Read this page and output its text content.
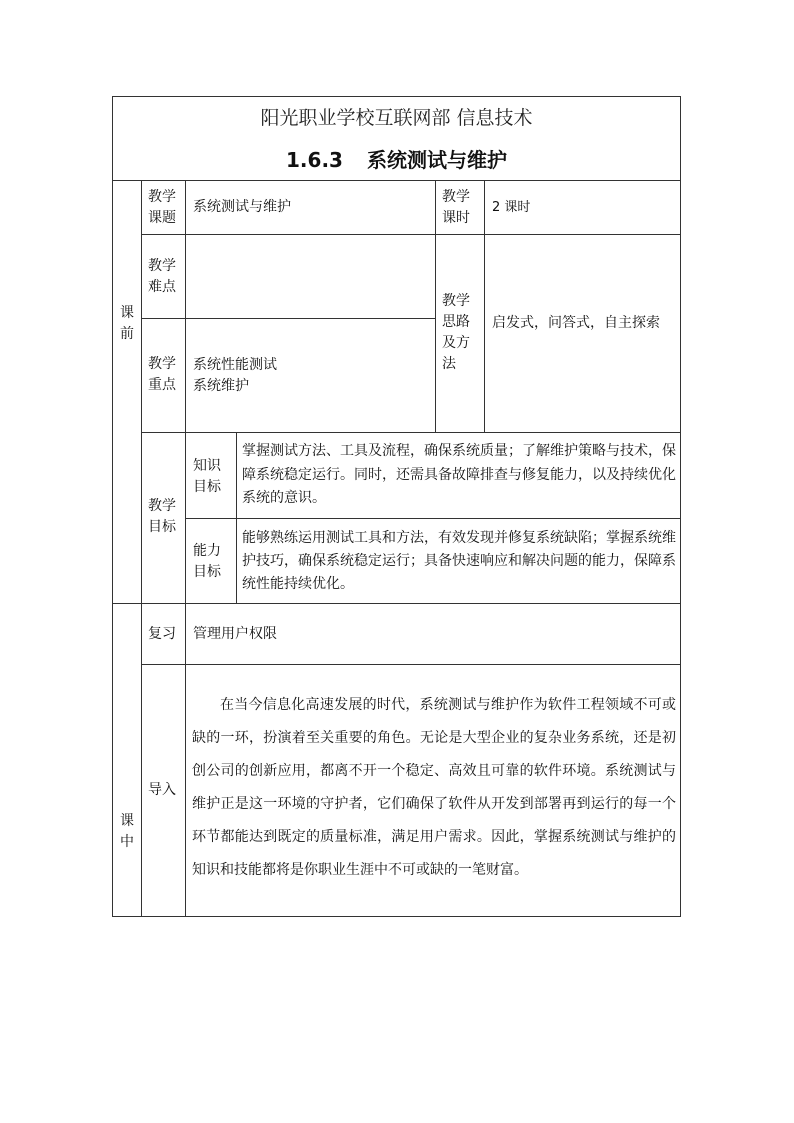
阳光职业学校互联网部 信息技术
1.6.3 系统测试与维护
课前
教学课题
系统测试与维护
教学课时
2 课时
教学难点
教学思路及方法
启发式，问答式，自主探索
教学重点
系统性能测试
系统维护
教学目标
知识目标
掌握测试方法、工具及流程，确保系统质量；了解维护策略与技术，保
障系统稳定运行。同时，还需具备故障排查与修复能力，以及持续优化
系统的意识。
能力目标
能够熟练运用测试工具和方法，有效发现并修复系统缺陷；掌握系统维
护技巧，确保系统稳定运行；具备快速响应和解决问题的能力，保障系
统性能持续优化。
课中
复习 管理用户权限
导入
在当今信息化高速发展的时代，系统测试与维护作为软件工程领域不可或缺的一环，扮演着至关重要的角色。无论是大型企业的复杂业务系统，还是初创公司的创新应用，都离不开一个稳定、高效且可靠的软件环境。系统测试与维护正是这一环境的守护者，它们确保了软件从开发到部署再到运行的每一个环节都能达到既定的质量标准，满足用户需求。因此，掌握系统测试与维护的知识和技能都将是你职业生涯中不可或缺的一笔财富。
